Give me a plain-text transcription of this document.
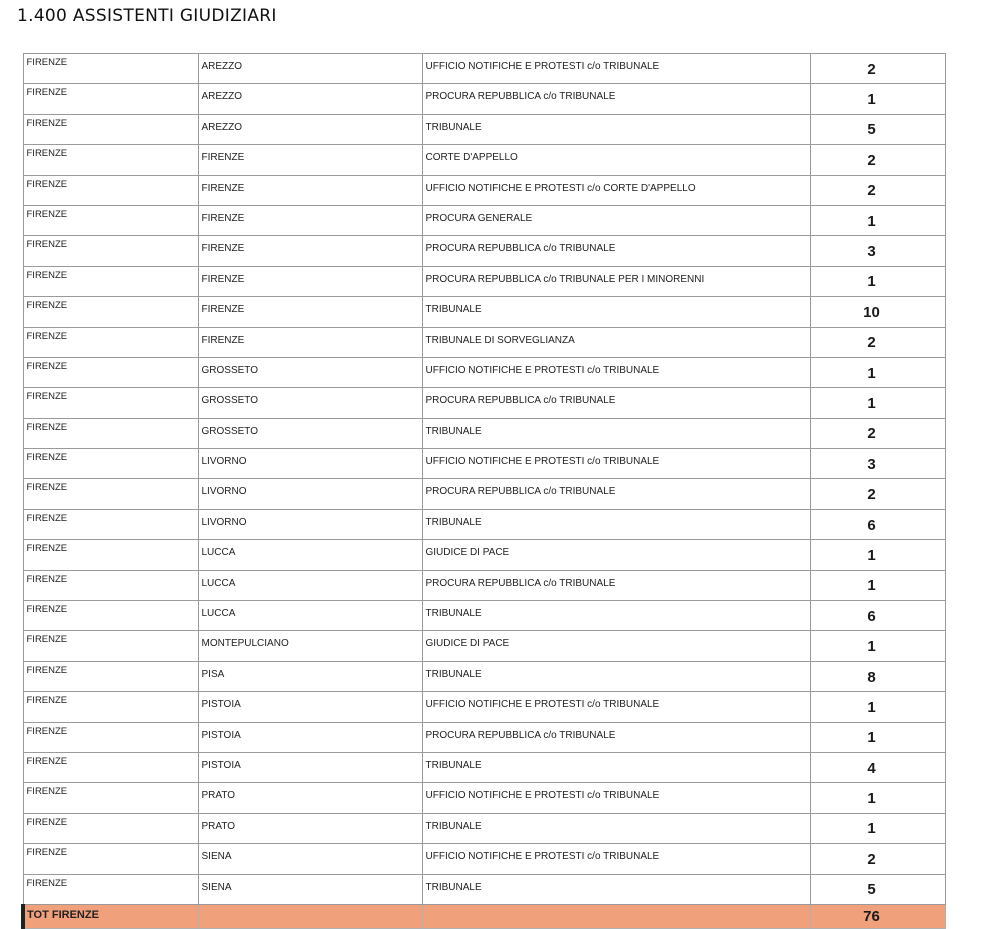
1.400 ASSISTENTI GIUDIZIARI
FIRENZE	AREZZO	UFFICIO NOTIFICHE E PROTESTI c/o TRIBUNALE	2
FIRENZE	AREZZO	PROCURA REPUBBLICA c/o TRIBUNALE	1
FIRENZE	AREZZO	TRIBUNALE	5
FIRENZE	FIRENZE	CORTE D'APPELLO	2
FIRENZE	FIRENZE	UFFICIO NOTIFICHE E PROTESTI c/o CORTE D'APPELLO	2
FIRENZE	FIRENZE	PROCURA GENERALE	1
FIRENZE	FIRENZE	PROCURA REPUBBLICA c/o TRIBUNALE	3
FIRENZE	FIRENZE	PROCURA REPUBBLICA c/o TRIBUNALE PER I MINORENNI	1
FIRENZE	FIRENZE	TRIBUNALE	10
FIRENZE	FIRENZE	TRIBUNALE DI SORVEGLIANZA	2
FIRENZE	GROSSETO	UFFICIO NOTIFICHE E PROTESTI c/o TRIBUNALE	1
FIRENZE	GROSSETO	PROCURA REPUBBLICA c/o TRIBUNALE	1
FIRENZE	GROSSETO	TRIBUNALE	2
FIRENZE	LIVORNO	UFFICIO NOTIFICHE E PROTESTI c/o TRIBUNALE	3
FIRENZE	LIVORNO	PROCURA REPUBBLICA c/o TRIBUNALE	2
FIRENZE	LIVORNO	TRIBUNALE	6
FIRENZE	LUCCA	GIUDICE DI PACE	1
FIRENZE	LUCCA	PROCURA REPUBBLICA c/o TRIBUNALE	1
FIRENZE	LUCCA	TRIBUNALE	6
FIRENZE	MONTEPULCIANO	GIUDICE DI PACE	1
FIRENZE	PISA	TRIBUNALE	8
FIRENZE	PISTOIA	UFFICIO NOTIFICHE E PROTESTI c/o TRIBUNALE	1
FIRENZE	PISTOIA	PROCURA REPUBBLICA c/o TRIBUNALE	1
FIRENZE	PISTOIA	TRIBUNALE	4
FIRENZE	PRATO	UFFICIO NOTIFICHE E PROTESTI c/o TRIBUNALE	1
FIRENZE	PRATO	TRIBUNALE	1
FIRENZE	SIENA	UFFICIO NOTIFICHE E PROTESTI c/o TRIBUNALE	2
FIRENZE	SIENA	TRIBUNALE	5
TOT FIRENZE			76
